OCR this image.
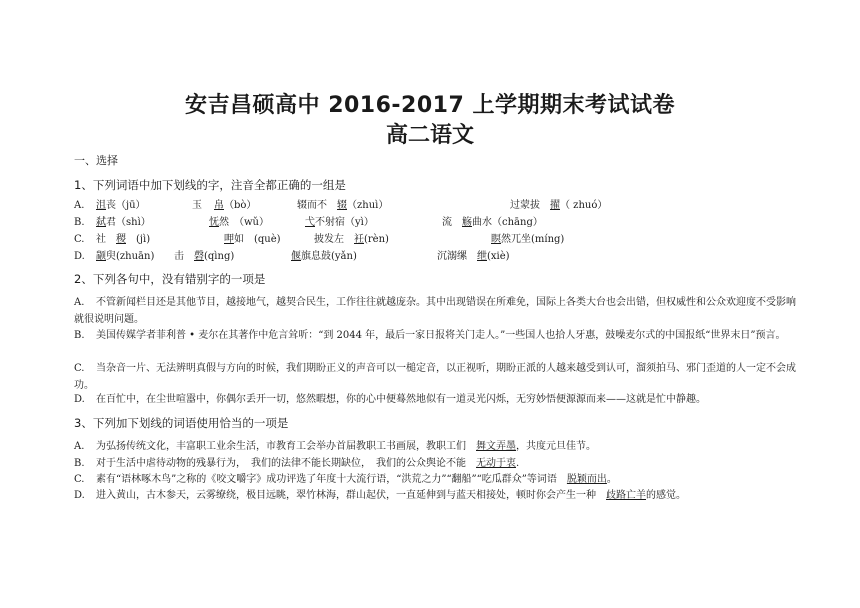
安吉昌硕高中 2016-2017 上学期期末考试试卷
高二语文
一、选择
1、下列词语中加下划线的字，注音全都正确的一组是
A. 沮丧（jū）	玉 帛（bò）	辍而不　 辍（zhuì）	过蒙拔　 擢（ zhuó）
B. 弑君（shì）	怃然　（wǔ）	弋不射宿（yì）	流　觞曲水（chāng）
C. 社　稷　(jì)	呷如　(què)	披发左　衽(rèn)	瞑然兀坐(míng)
D. 颛臾(zhuān) 击　磬(qìng)	偃旗息鼓(yǎn)	沉溺缧　绁(xiè)
2、下列各句中，没有错别字的一项是
A. 不管新闻栏目还是其他节目，越接地气，越契合民生，工作往往就越庞杂。其中出现错误在所难免，国际上各类大台也会出错，但权威性和公众欢迎度不受影响就很说明问题。
B. 美国传媒学者菲利普 • 麦尔在其著作中危言耸听：“到 2044 年，最后一家日报将关门走人。”一些国人也拾人牙惠，鼓噪麦尔式的中国报纸“世界末日”预言。
C. 当杂音一片、无法辨明真假与方向的时候，我们期盼正义的声音可以一槌定音，以正视听，期盼正派的人越来越受到认可，溜须拍马、邪门歪道的人一定不会成功。
D. 在百忙中，在尘世喧嚣中，你偶尔丢开一切，悠然暇想，你的心中便蓦然地似有一道灵光闪烁，无穷妙悟便源源而来——这就是忙中静趣。
3、下列加下划线的词语使用恰当的一项是
A. 为弘扬传统文化，丰富职工业余生活，市教育工会举办首届教职工书画展，教职工们　舞文弄墨，共度元旦佳节。
B. 对于生活中虐待动物的残暴行为，　我们的法律不能长期缺位，　我们的公众舆论不能　无动于衷.
C. 素有“语林啄木鸟”之称的《咬文嚼字》成功评选了年度十大流行语，“洪荒之力”“翻船”“吃瓜群众”等词语　脱颖而出。
D. 进入黄山，古木参天，云雾缭绕，极目远眺，翠竹林海，群山起伏，一直延伸到与蓝天相接处，顿时你会产生一种　歧路亡羊的感觉。
